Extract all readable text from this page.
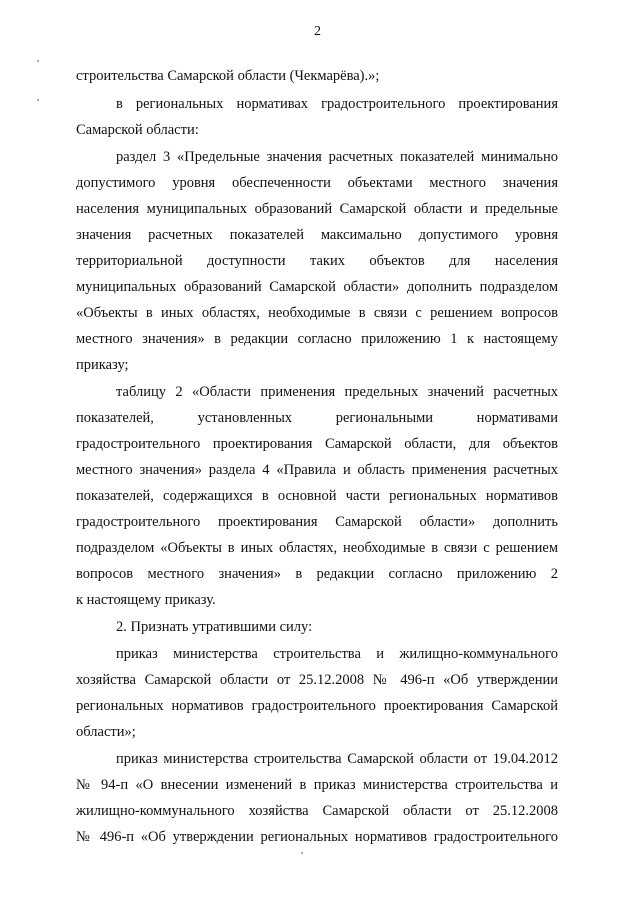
2
строительства Самарской области (Чекмарёва).»;
в региональных нормативах градостроительного проектирования
Самарской области:
раздел 3 «Предельные значения расчетных показателей минимально
допустимого уровня обеспеченности объектами местного значения
населения муниципальных образований Самарской области и предельные
значения расчетных показателей максимально допустимого уровня
территориальной доступности таких объектов для населения
муниципальных образований Самарской области» дополнить подразделом
«Объекты в иных областях, необходимые в связи с решением вопросов
местного значения» в редакции согласно приложению 1 к настоящему
приказу;
таблицу 2 «Области применения предельных значений расчетных
показателей, установленных региональными нормативами
градостроительного проектирования Самарской области, для объектов
местного значения» раздела 4 «Правила и область применения расчетных
показателей, содержащихся в основной части региональных нормативов
градостроительного проектирования Самарской области» дополнить
подразделом «Объекты в иных областях, необходимые в связи с решением
вопросов местного значения» в редакции согласно приложению 2
к настоящему приказу.
2. Признать утратившими силу:
приказ министерства строительства и жилищно-коммунального
хозяйства Самарской области от 25.12.2008 № 496-п «Об утверждении
региональных нормативов градостроительного проектирования Самарской
области»;
приказ министерства строительства Самарской области от 19.04.2012
№ 94-п «О внесении изменений в приказ министерства строительства и
жилищно-коммунального хозяйства Самарской области от 25.12.2008
№ 496-п «Об утверждении региональных нормативов градостроительного
